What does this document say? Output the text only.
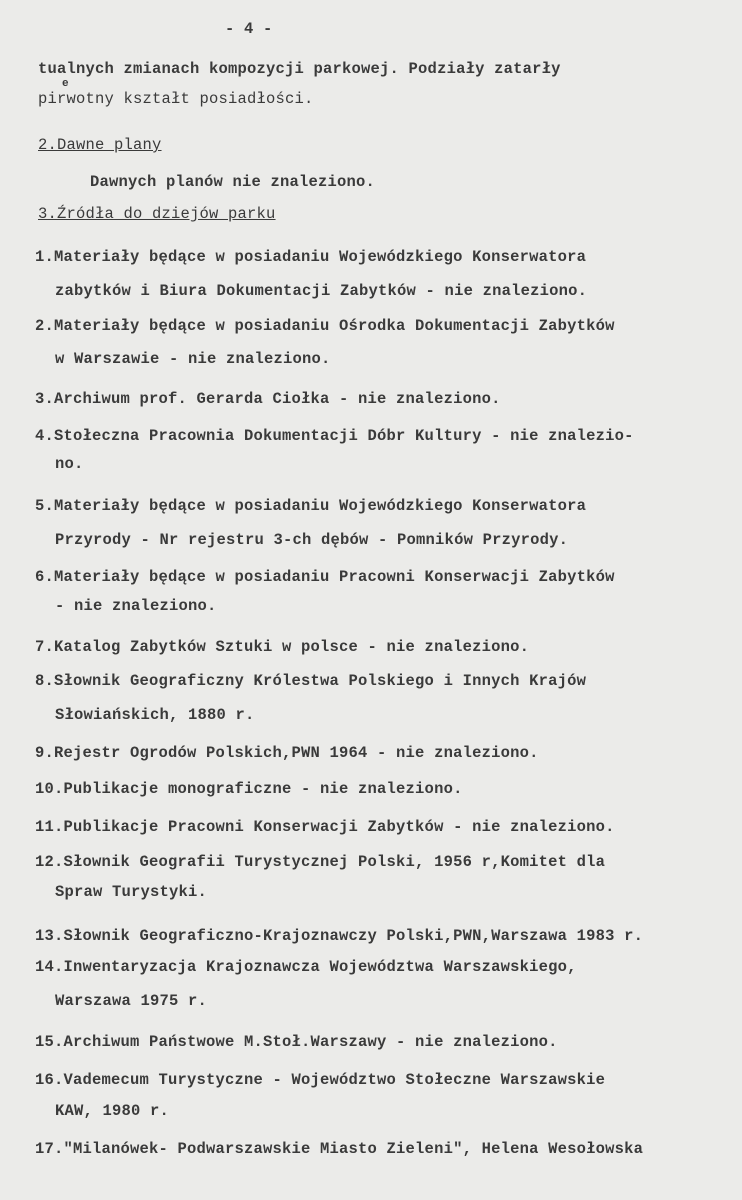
- 4 -
tualnych zmianach kompozycji parkowej. Podziały zatarły
e
pirwotny kształt posiadłości.
2.Dawne plany
Dawnych planów nie znaleziono.
3.Źródła do dziejów parku
1.Materiały będące w posiadaniu Wojewódzkiego Konserwatora
zabytków i Biura Dokumentacji Zabytków - nie znaleziono.
2.Materiały będące w posiadaniu Ośrodka Dokumentacji Zabytków
w Warszawie - nie znaleziono.
3.Archiwum prof. Gerarda Ciołka - nie znaleziono.
4.Stołeczna Pracownia Dokumentacji Dóbr Kultury - nie znalezio-
no.
5.Materiały będące w posiadaniu Wojewódzkiego Konserwatora
Przyrody - Nr rejestru 3-ch dębów - Pomników Przyrody.
6.Materiały będące w posiadaniu Pracowni Konserwacji Zabytków
- nie znaleziono.
7.Katalog Zabytków Sztuki w polsce - nie znaleziono.
8.Słownik Geograficzny Królestwa Polskiego i Innych Krajów
Słowiańskich, 1880 r.
9.Rejestr Ogrodów Polskich,PWN 1964 - nie znaleziono.
10.Publikacje monograficzne - nie znaleziono.
11.Publikacje Pracowni Konserwacji Zabytków - nie znaleziono.
12.Słownik Geografii Turystycznej Polski, 1956 r,Komitet dla
Spraw Turystyki.
13.Słownik Geograficzno-Krajoznawczy Polski,PWN,Warszawa 1983 r.
14.Inwentaryzacja Krajoznawcza Województwa Warszawskiego,
Warszawa 1975 r.
15.Archiwum Państwowe M.Stoł.Warszawy - nie znaleziono.
16.Vademecum Turystyczne - Województwo Stołeczne Warszawskie
KAW, 1980 r.
17."Milanówek- Podwarszawskie Miasto Zieleni", Helena Wesołowska
